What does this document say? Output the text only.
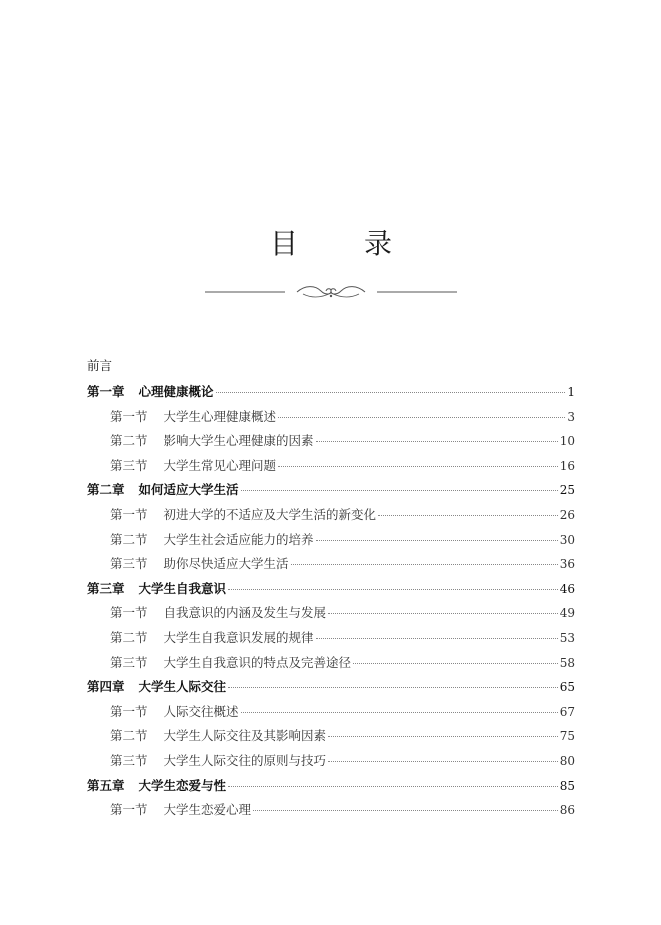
目 录
前言
第一章 心理健康概论	1
第一节 大学生心理健康概述	3
第二节 影响大学生心理健康的因素	10
第三节 大学生常见心理问题	16
第二章 如何适应大学生活	25
第一节 初进大学的不适应及大学生活的新变化	26
第二节 大学生社会适应能力的培养	30
第三节 助你尽快适应大学生活	36
第三章 大学生自我意识	46
第一节 自我意识的内涵及发生与发展	49
第二节 大学生自我意识发展的规律	53
第三节 大学生自我意识的特点及完善途径	58
第四章 大学生人际交往	65
第一节 人际交往概述	67
第二节 大学生人际交往及其影响因素	75
第三节 大学生人际交往的原则与技巧	80
第五章 大学生恋爱与性	85
第一节 大学生恋爱心理	86
